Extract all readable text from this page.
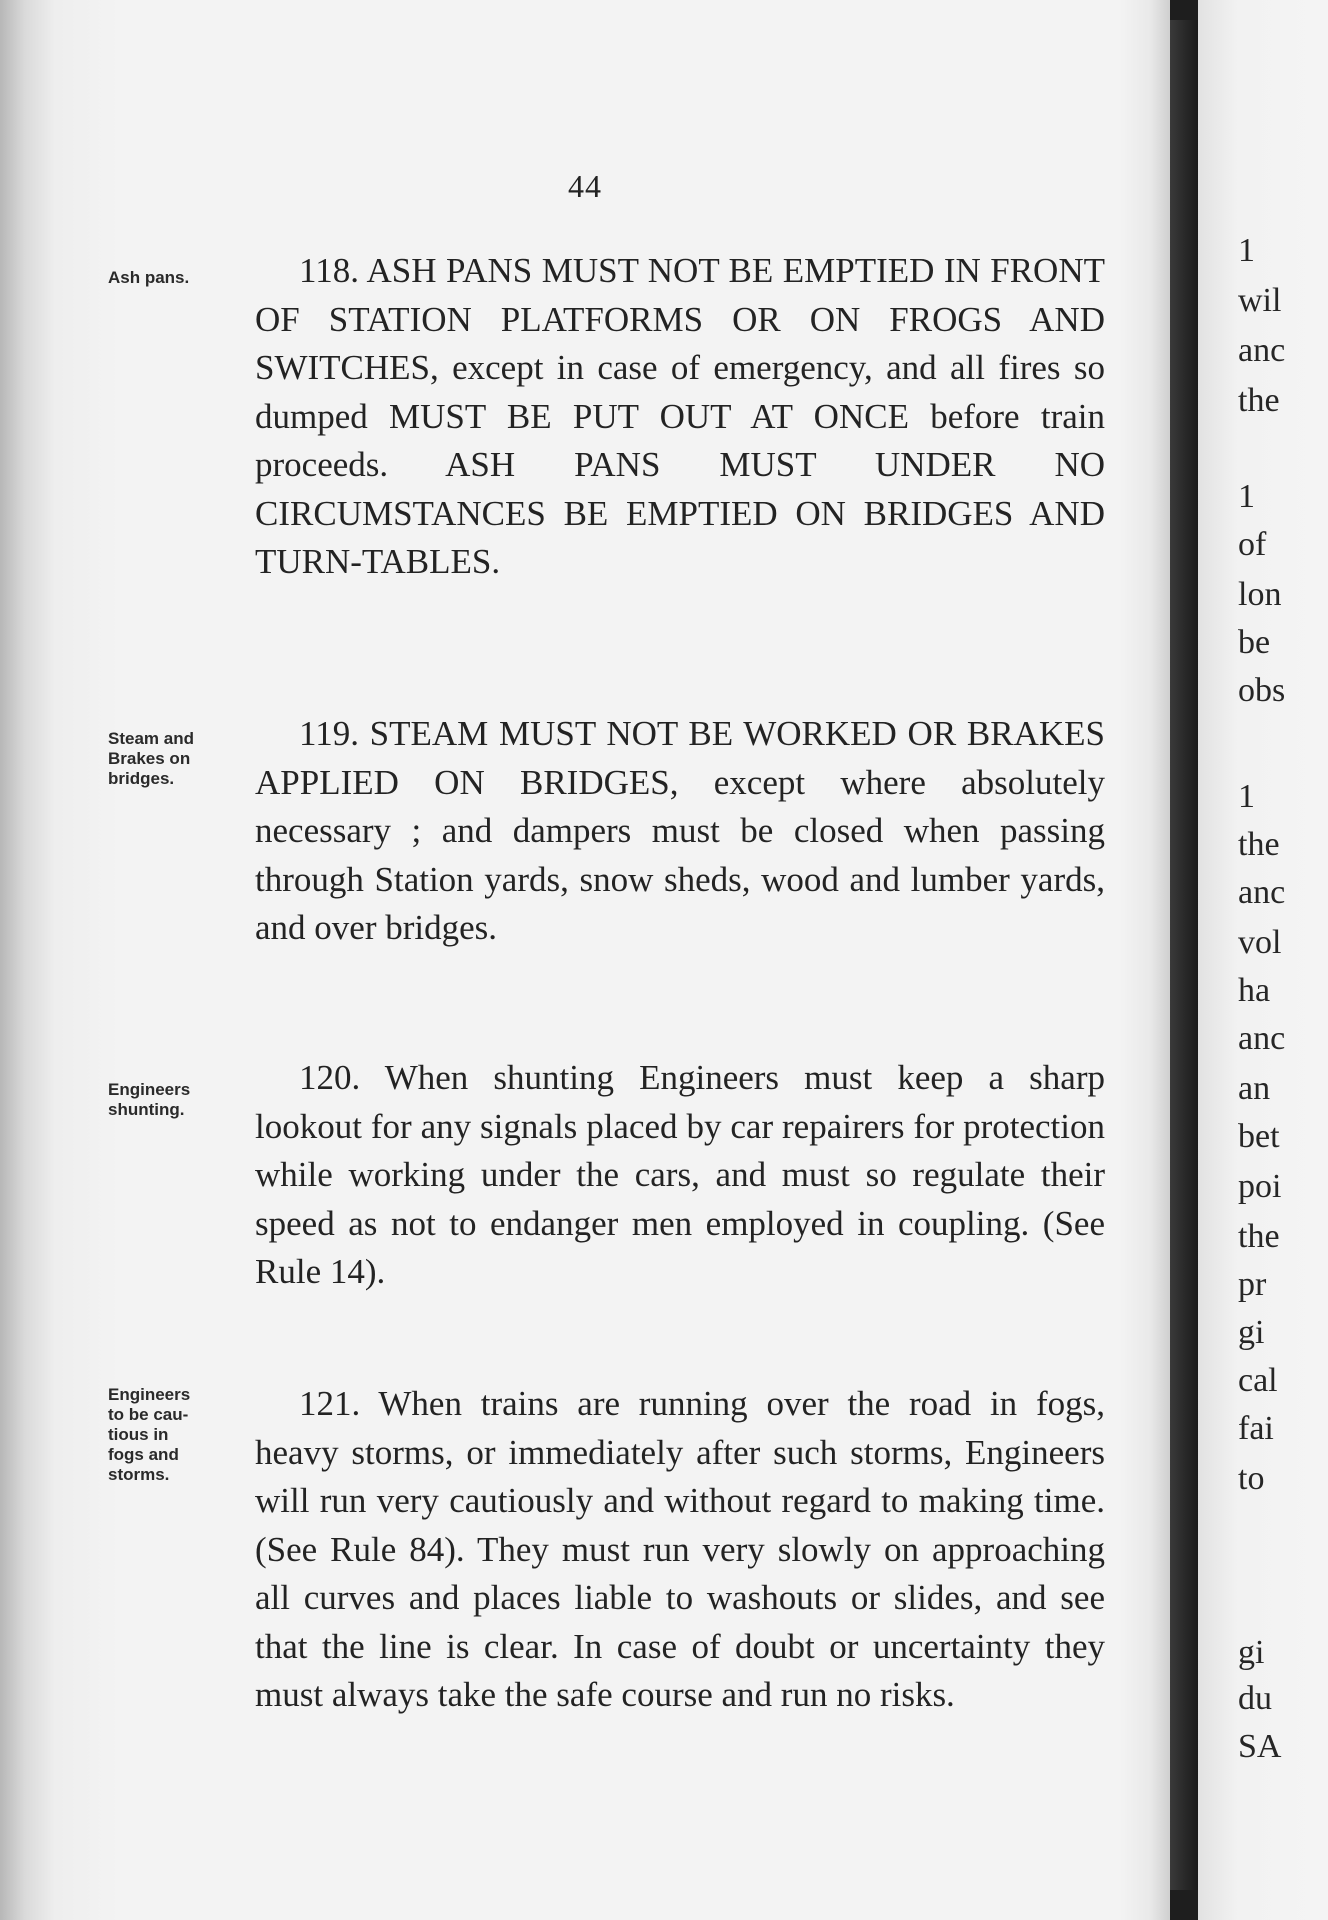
44
Ash pans.	118. ASH PANS MUST NOT BE EMPTIED IN FRONT OF STATION PLATFORMS OR ON FROGS AND SWITCHES, except in case of emergency, and all fires so dumped MUST BE PUT OUT AT ONCE before train proceeds. ASH PANS MUST UNDER NO CIRCUMSTANCES BE EMPTIED ON BRIDGES AND TURN-TABLES.

Steam and
Brakes on
bridges.

119. STEAM MUST NOT BE WORKED OR BRAKES APPLIED ON BRIDGES, except where absolutely necessary ; and dampers must be closed when passing through Station yards, snow sheds, wood and lumber yards, and over bridges.

Engineers
shunting.

120. When shunting Engineers must keep a sharp lookout for any signals placed by car repairers for protection while working under the cars, and must so regulate their speed as not to endanger men employed in coupling. (See Rule 14).

Engineers
to be cau-
tious in
fogs and
storms.

121. When trains are running over the road in fogs, heavy storms, or immediately after such storms, Engineers will run very cautiously and without regard to making time. (See Rule 84). They must run very slowly on approaching all curves and places liable to washouts or slides, and see that the line is clear. In case of doubt or uncertainty they must always take the safe course and run no risks.

1
wil
anc
the
1
of
lon
be
obs
1
the
anc
vol
ha
anc
an
bet
poi
the
pr
gi
cal
fai
to
gi
du
SA
